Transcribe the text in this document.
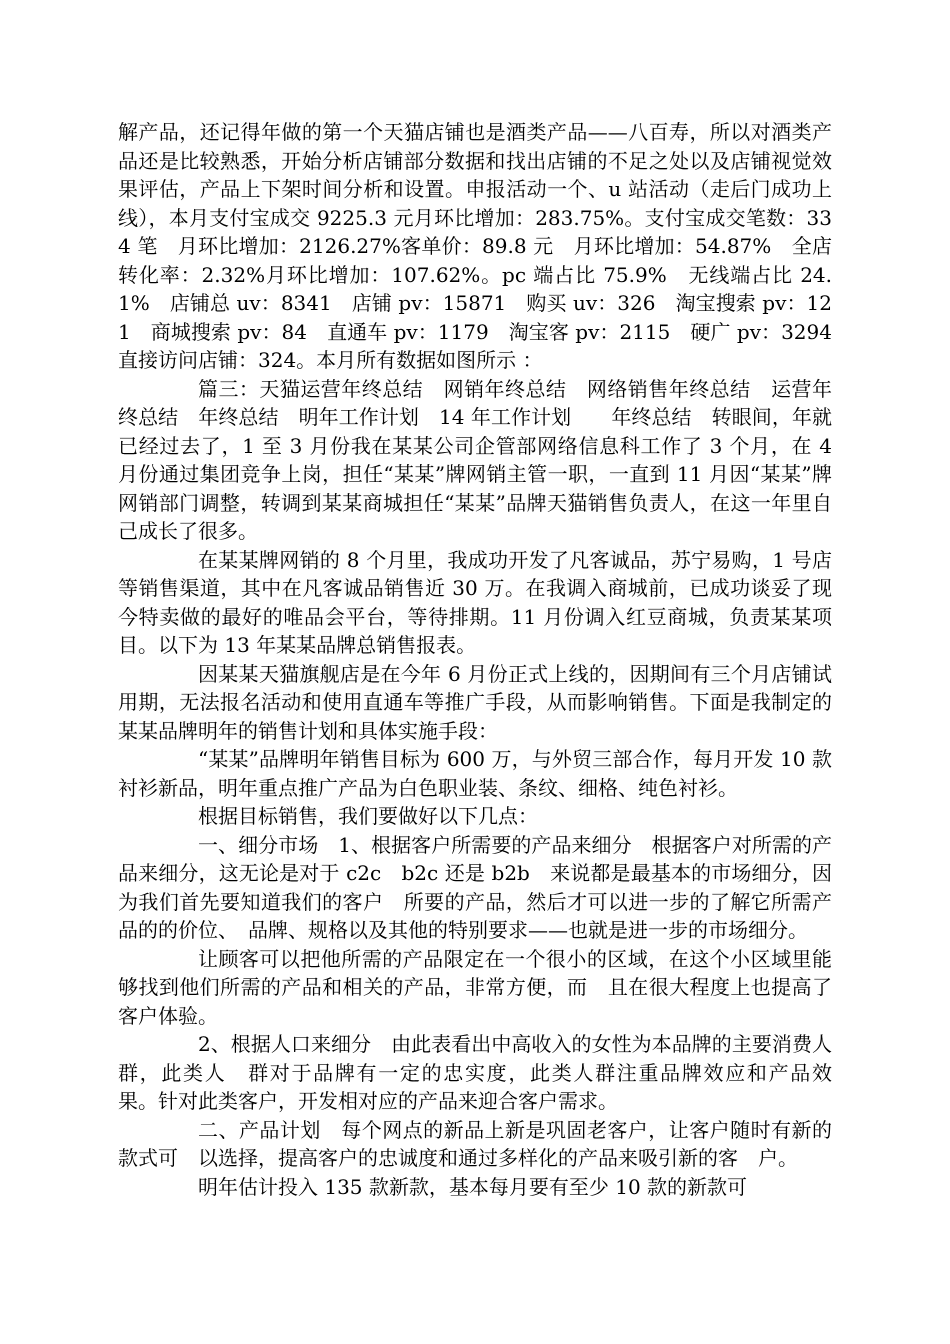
解产品，还记得年做的第一个天猫店铺也是酒类产品——八百寿，所以对酒类产品还是比较熟悉，开始分析店铺部分数据和找出店铺的不足之处以及店铺视觉效果评估，产品上下架时间分析和设置。申报活动一个、u 站活动（走后门成功上线），本月支付宝成交 9225.3 元月环比增加：283.75%。支付宝成交笔数：334 笔　月环比增加：2126.27%客单价：89.8 元　月环比增加：54.87%　全店转化率：2.32%月环比增加：107.62%。pc 端占比 75.9%　无线端占比 24.1%　店铺总 uv：8341　店铺 pv：15871　购买 uv：326　淘宝搜索 pv：121　商城搜索 pv：84　直通车 pv：1179　淘宝客 pv：2115　硬广 pv：3294　直接访问店铺：324。本月所有数据如图所示 ：

篇三：天猫运营年终总结　网销年终总结　网络销售年终总结　运营年终总结　年终总结　明年工作计划　14 年工作计划　　年终总结　转眼间，年就已经过去了，1 至 3 月份我在某某公司企管部网络信息科工作了 3 个月，在 4 月份通过集团竞争上岗，担任“某某”牌网销主管一职，一直到 11 月因“某某”牌网销部门调整，转调到某某商城担任“某某”品牌天猫销售负责人，在这一年里自己成长了很多。

在某某牌网销的 8 个月里，我成功开发了凡客诚品，苏宁易购，1 号店等销售渠道，其中在凡客诚品销售近 30 万。在我调入商城前，已成功谈妥了现今特卖做的最好的唯品会平台，等待排期。11 月份调入红豆商城，负责某某项目。以下为 13 年某某品牌总销售报表。

因某某天猫旗舰店是在今年 6 月份正式上线的，因期间有三个月店铺试用期，无法报名活动和使用直通车等推广手段，从而影响销售。下面是我制定的某某品牌明年的销售计划和具体实施手段：

“某某”品牌明年销售目标为 600 万，与外贸三部合作，每月开发 10 款衬衫新品，明年重点推广产品为白色职业装、条纹、细格、纯色衬衫。

根据目标销售，我们要做好以下几点：

一、细分市场　1、根据客户所需要的产品来细分　根据客户对所需的产品来细分，这无论是对于 c2c　b2c 还是 b2b　来说都是最基本的市场细分，因为我们首先要知道我们的客户　所要的产品，然后才可以进一步的了解它所需产品的的价位、　品牌、规格以及其他的特别要求——也就是进一步的市场细分。

让顾客可以把他所需的产品限定在一个很小的区域，在这个小区域里能够找到他们所需的产品和相关的产品，非常方便，而　且在很大程度上也提高了客户体验。

2、根据人口来细分　由此表看出中高收入的女性为本品牌的主要消费人群，此类人　群对于品牌有一定的忠实度，此类人群注重品牌效应和产品效　果。针对此类客户，开发相对应的产品来迎合客户需求。

二、产品计划　每个网点的新品上新是巩固老客户，让客户随时有新的款式可　以选择，提高客户的忠诚度和通过多样化的产品来吸引新的客　户。

明年估计投入 135 款新款，基本每月要有至少 10 款的新款可
